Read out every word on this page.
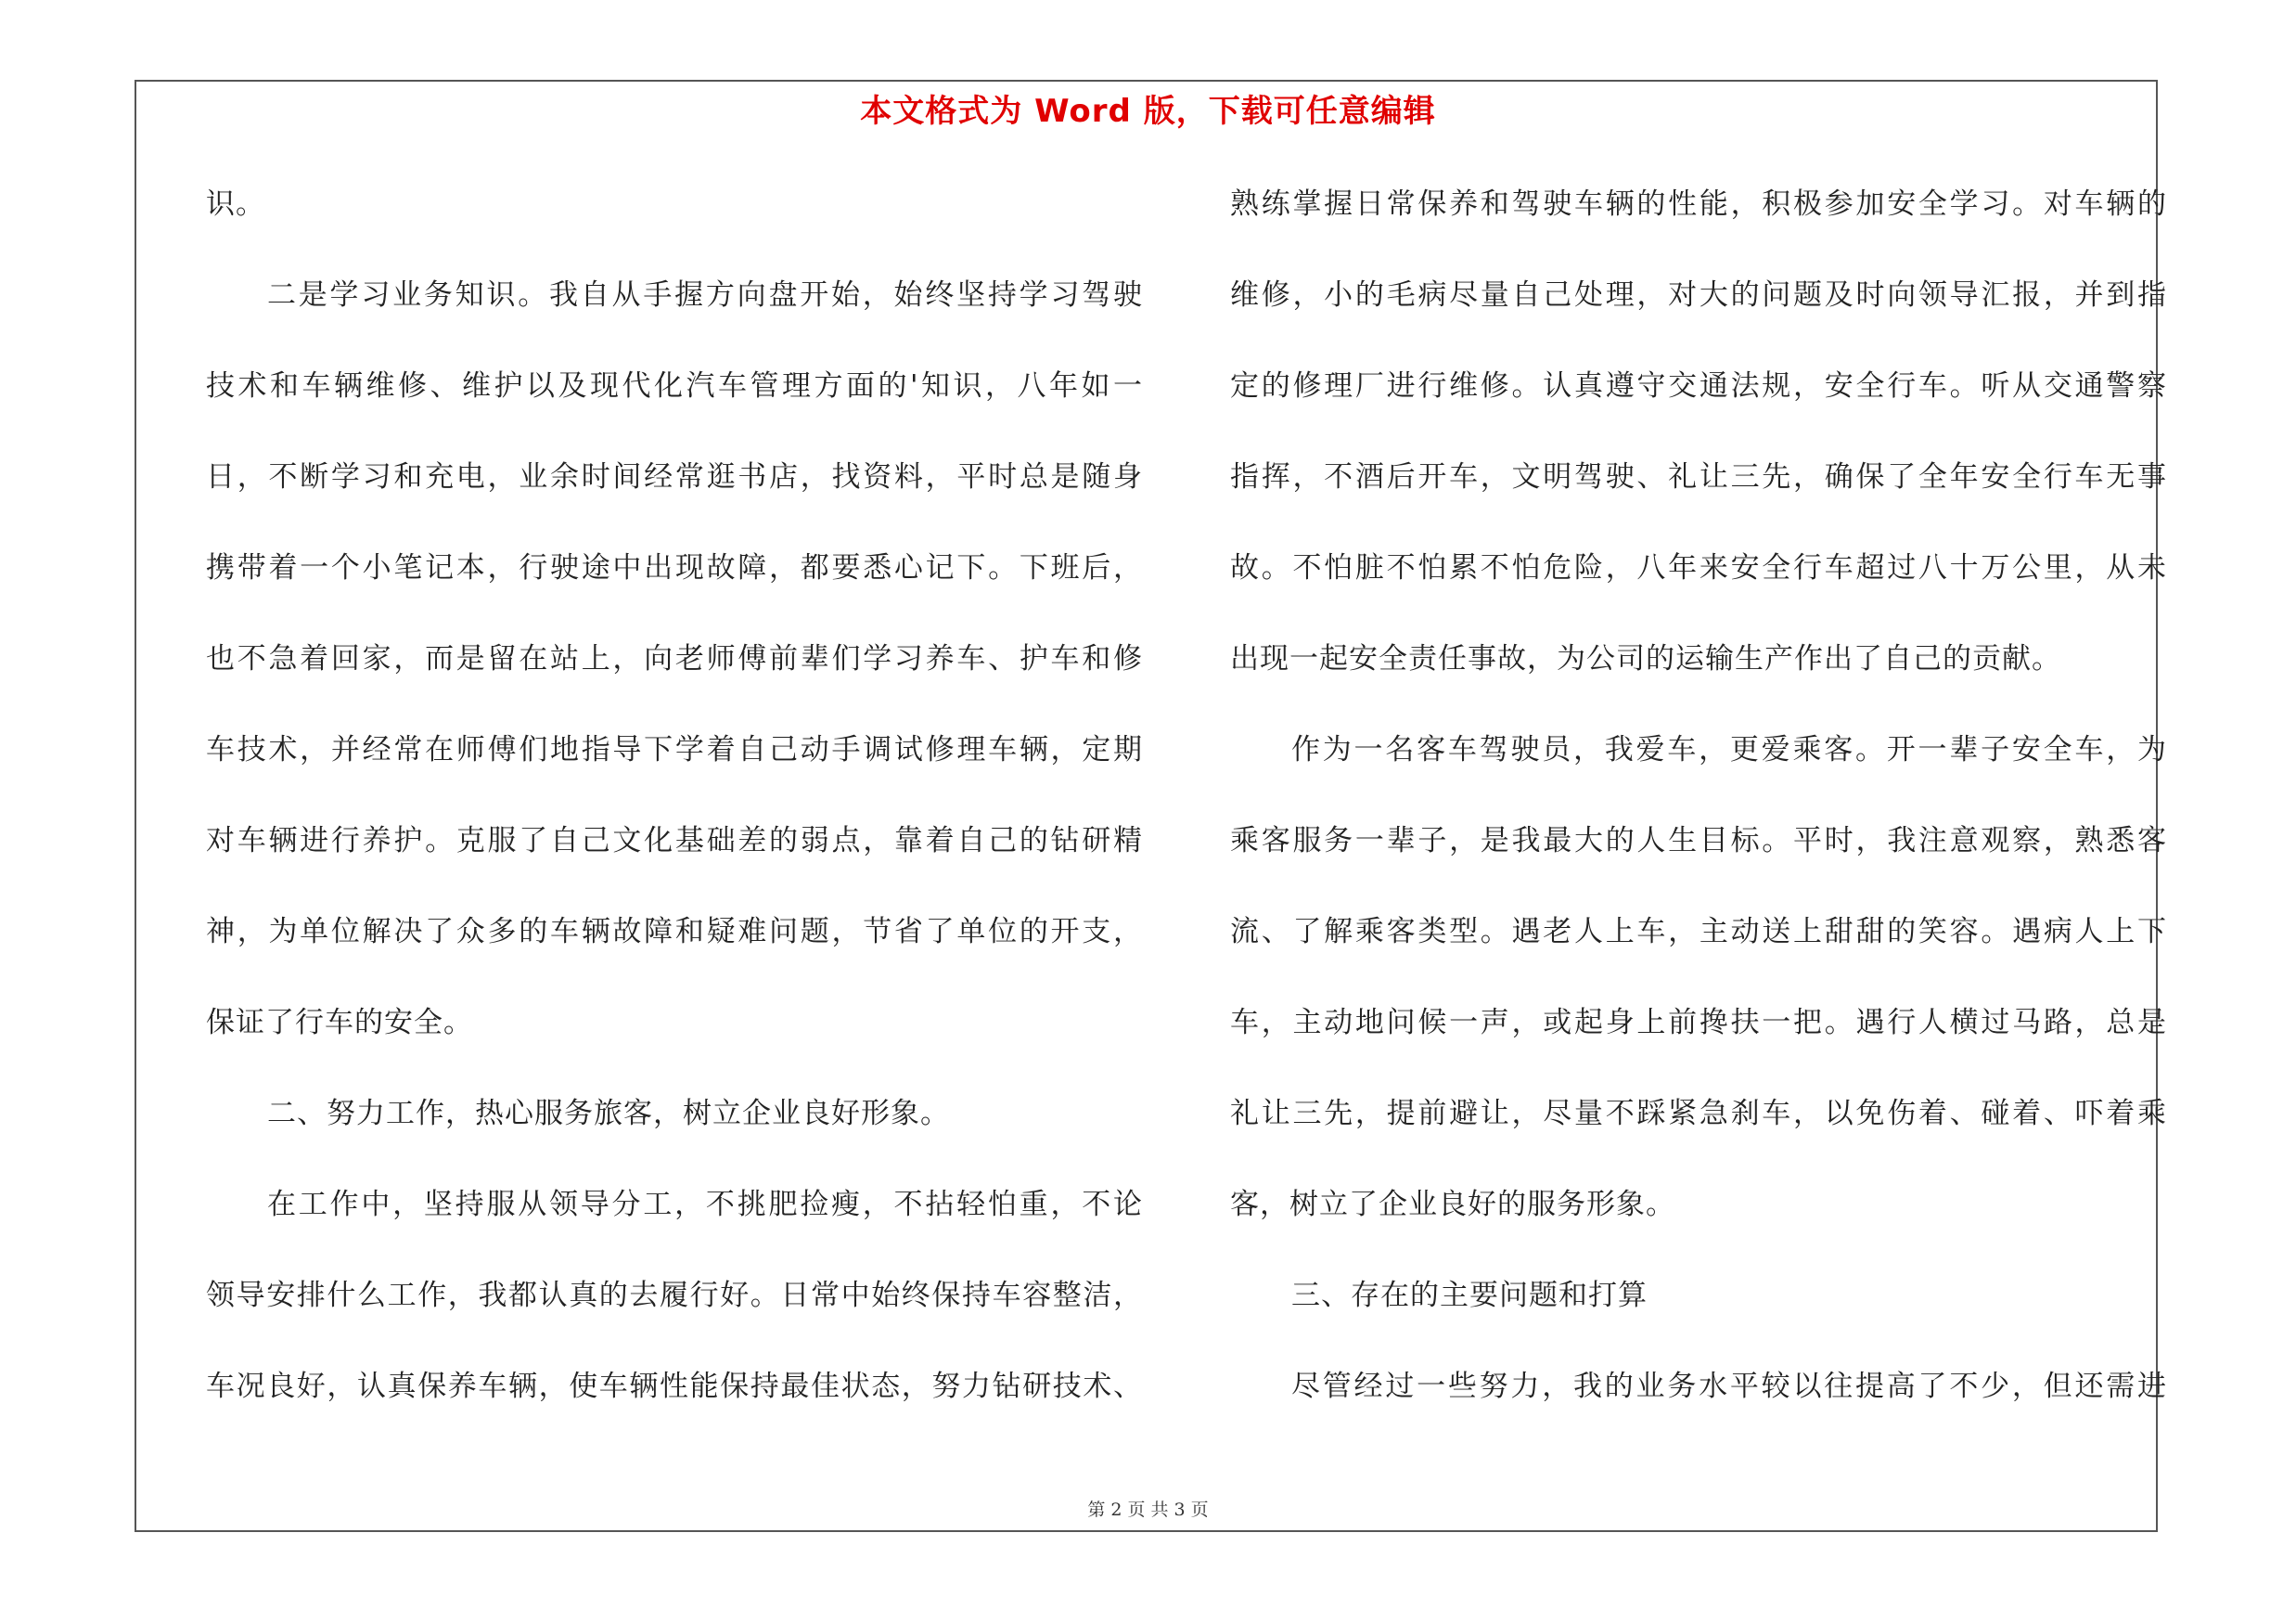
本文格式为 Word 版，下载可任意编辑
识。
二是学习业务知识。我自从手握方向盘开始，始终坚持学习驾驶
技术和车辆维修、维护以及现代化汽车管理方面的'知识，八年如一
日，不断学习和充电，业余时间经常逛书店，找资料，平时总是随身
携带着一个小笔记本，行驶途中出现故障，都要悉心记下。下班后，
也不急着回家，而是留在站上，向老师傅前辈们学习养车、护车和修
车技术，并经常在师傅们地指导下学着自己动手调试修理车辆，定期
对车辆进行养护。克服了自己文化基础差的弱点，靠着自己的钻研精
神，为单位解决了众多的车辆故障和疑难问题，节省了单位的开支，
保证了行车的安全。
二、努力工作，热心服务旅客，树立企业良好形象。
在工作中，坚持服从领导分工，不挑肥捡瘦，不拈轻怕重，不论
领导安排什么工作，我都认真的去履行好。日常中始终保持车容整洁，
车况良好，认真保养车辆，使车辆性能保持最佳状态，努力钻研技术、
熟练掌握日常保养和驾驶车辆的性能，积极参加安全学习。对车辆的
维修，小的毛病尽量自己处理，对大的问题及时向领导汇报，并到指
定的修理厂进行维修。认真遵守交通法规，安全行车。听从交通警察
指挥，不酒后开车，文明驾驶、礼让三先，确保了全年安全行车无事
故。不怕脏不怕累不怕危险，八年来安全行车超过八十万公里，从未
出现一起安全责任事故，为公司的运输生产作出了自己的贡献。
作为一名客车驾驶员，我爱车，更爱乘客。开一辈子安全车，为
乘客服务一辈子，是我最大的人生目标。平时，我注意观察，熟悉客
流、了解乘客类型。遇老人上车，主动送上甜甜的笑容。遇病人上下
车，主动地问候一声，或起身上前搀扶一把。遇行人横过马路，总是
礼让三先，提前避让，尽量不踩紧急刹车，以免伤着、碰着、吓着乘
客，树立了企业良好的服务形象。
三、存在的主要问题和打算
尽管经过一些努力，我的业务水平较以往提高了不少，但还需进
第 2 页 共 3 页
